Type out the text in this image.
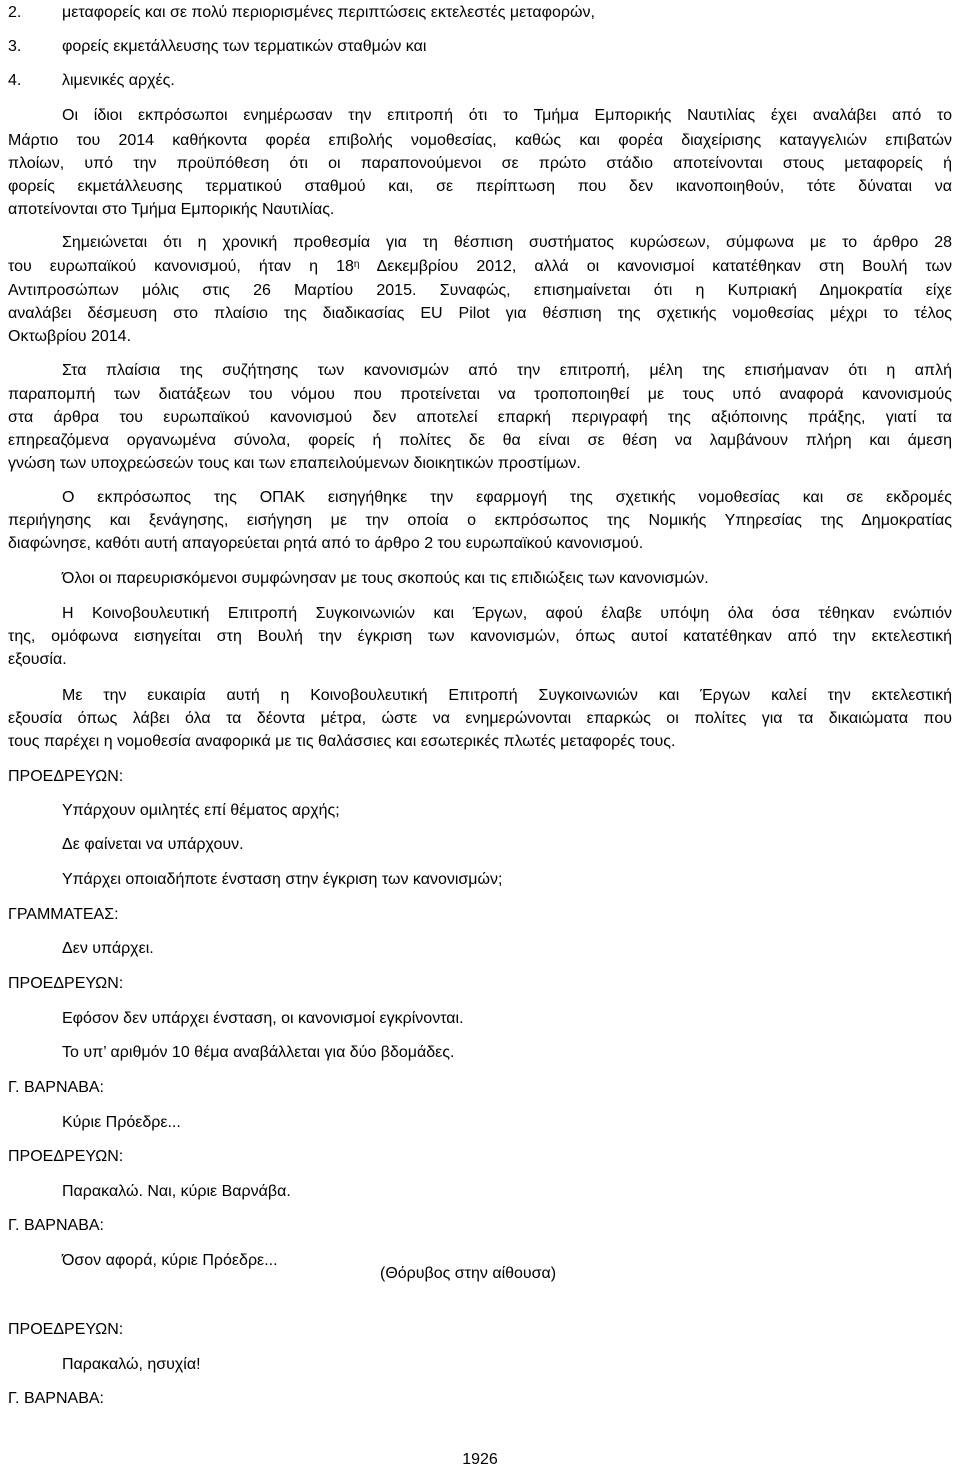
2.	μεταφορείς και σε πολύ περιορισμένες περιπτώσεις εκτελεστές μεταφορών,
3.	φορείς εκμετάλλευσης των τερματικών σταθμών και
4.	λιμενικές αρχές.
Οι ίδιοι εκπρόσωποι ενημέρωσαν την επιτροπή ότι το Τμήμα Εμπορικής Ναυτιλίας έχει αναλάβει από το
Μάρτιο του 2014 καθήκοντα φορέα επιβολής νομοθεσίας, καθώς και φορέα διαχείρισης καταγγελιών επιβατών
πλοίων, υπό την προϋπόθεση ότι οι παραπονούμενοι σε πρώτο στάδιο αποτείνονται στους μεταφορείς ή
φορείς εκμετάλλευσης τερματικού σταθμού και, σε περίπτωση που δεν ικανοποιηθούν, τότε δύναται να
αποτείνονται στο Τμήμα Εμπορικής Ναυτιλίας.
Σημειώνεται ότι η χρονική προθεσμία για τη θέσπιση συστήματος κυρώσεων, σύμφωνα με το άρθρο 28
του ευρωπαϊκού κανονισμού, ήταν η $18^\eta$ Δεκεμβρίου 2012, αλλά οι κανονισμοί κατατέθηκαν στη Βουλή των
Αντιπροσώπων μόλις στις 26 Μαρτίου 2015. Συναφώς, επισημαίνεται ότι η Κυπριακή Δημοκρατία είχε
αναλάβει δέσμευση στο πλαίσιο της διαδικασίας EU Pilot για θέσπιση της σχετικής νομοθεσίας μέχρι το τέλος
Οκτωβρίου 2014.
Στα πλαίσια της συζήτησης των κανονισμών από την επιτροπή, μέλη της επισήμαναν ότι η απλή
παραπομπή των διατάξεων του νόμου που προτείνεται να τροποποιηθεί με τους υπό αναφορά κανονισμούς
στα άρθρα του ευρωπαϊκού κανονισμού δεν αποτελεί επαρκή περιγραφή της αξιόποινης πράξης, γιατί τα
επηρεαζόμενα οργανωμένα σύνολα, φορείς ή πολίτες δε θα είναι σε θέση να λαμβάνουν πλήρη και άμεση
γνώση των υποχρεώσεών τους και των επαπειλούμενων διοικητικών προστίμων.
Ο εκπρόσωπος της ΟΠΑΚ εισηγήθηκε την εφαρμογή της σχετικής νομοθεσίας και σε εκδρομές
περιήγησης και ξενάγησης, εισήγηση με την οποία ο εκπρόσωπος της Νομικής Υπηρεσίας της Δημοκρατίας
διαφώνησε, καθότι αυτή απαγορεύεται ρητά από το άρθρο 2 του ευρωπαϊκού κανονισμού.
Όλοι οι παρευρισκόμενοι συμφώνησαν με τους σκοπούς και τις επιδιώξεις των κανονισμών.
Η Κοινοβουλευτική Επιτροπή Συγκοινωνιών και Έργων, αφού έλαβε υπόψη όλα όσα τέθηκαν ενώπιόν
της, ομόφωνα εισηγείται στη Βουλή την έγκριση των κανονισμών, όπως αυτοί κατατέθηκαν από την εκτελεστική
εξουσία.
Με την ευκαιρία αυτή η Κοινοβουλευτική Επιτροπή Συγκοινωνιών και Έργων καλεί την εκτελεστική
εξουσία όπως λάβει όλα τα δέοντα μέτρα, ώστε να ενημερώνονται επαρκώς οι πολίτες για τα δικαιώματα που
τους παρέχει η νομοθεσία αναφορικά με τις θαλάσσιες και εσωτερικές πλωτές μεταφορές τους.
ΠΡΟΕΔΡΕΥΩΝ:
Υπάρχουν ομιλητές επί θέματος αρχής;
Δε φαίνεται να υπάρχουν.
Υπάρχει οποιαδήποτε ένσταση στην έγκριση των κανονισμών;
ΓΡΑΜΜΑΤΕΑΣ:
Δεν υπάρχει.
ΠΡΟΕΔΡΕΥΩΝ:
Εφόσον δεν υπάρχει ένσταση, οι κανονισμοί εγκρίνονται.
Το υπ’ αριθμόν 10 θέμα αναβάλλεται για δύο βδομάδες.
Γ. ΒΑΡΝΑΒΑ:
Κύριε Πρόεδρε...
ΠΡΟΕΔΡΕΥΩΝ:
Παρακαλώ. Ναι, κύριε Βαρνάβα.
Γ. ΒΑΡΝΑΒΑ:
Όσον αφορά, κύριε Πρόεδρε...
(Θόρυβος στην αίθουσα)
ΠΡΟΕΔΡΕΥΩΝ:
Παρακαλώ, ησυχία!
Γ. ΒΑΡΝΑΒΑ:
1926
